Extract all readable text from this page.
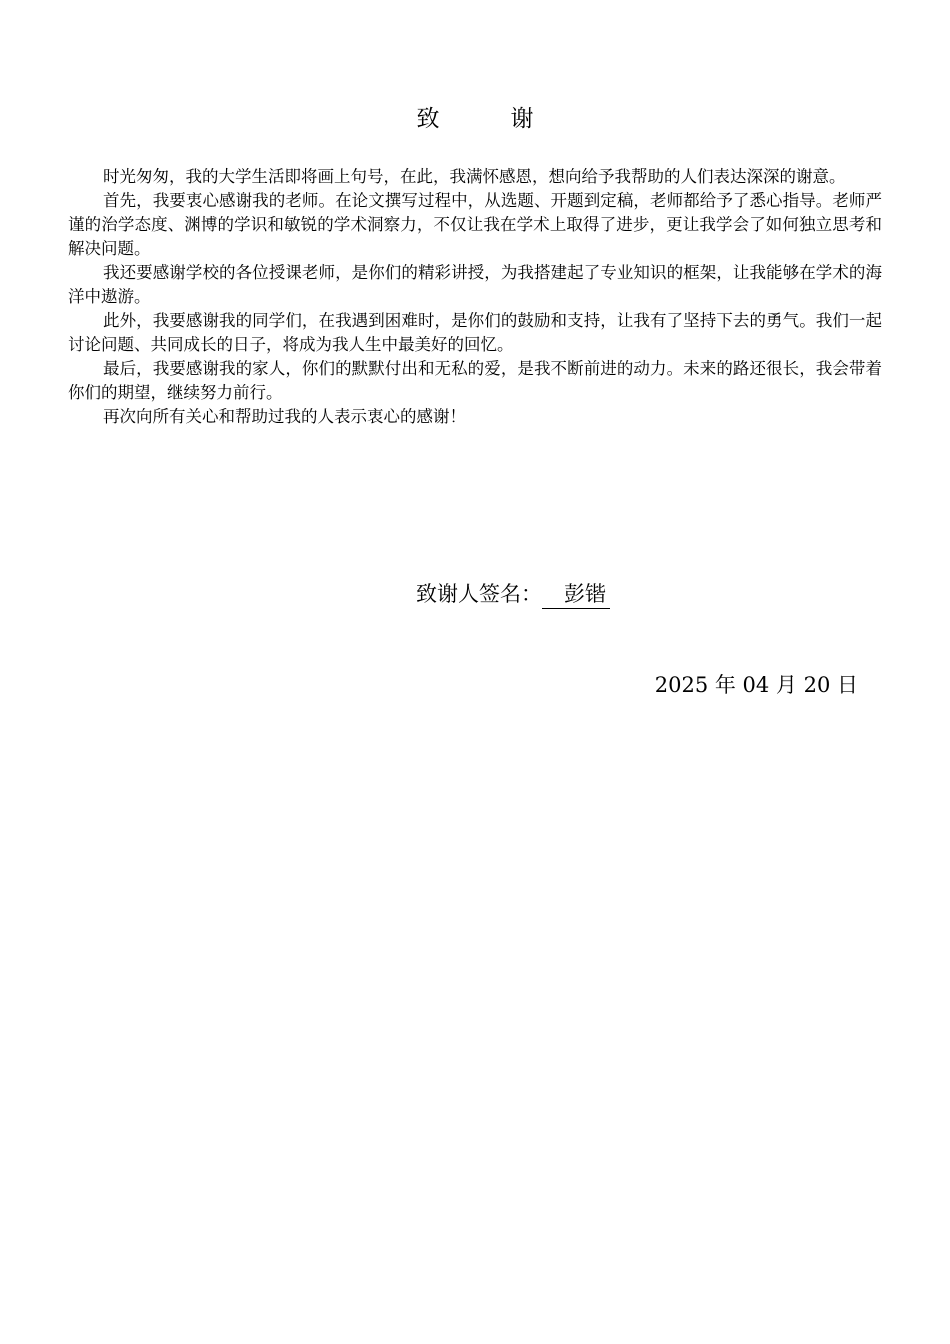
致　谢

时光匆匆，我的大学生活即将画上句号，在此，我满怀感恩，想向给予我帮助的人们表达深深的谢意。

首先，我要衷心感谢我的老师。在论文撰写过程中，从选题、开题到定稿，老师都给予了悉心指导。老师严谨的治学态度、渊博的学识和敏锐的学术洞察力，不仅让我在学术上取得了进步，更让我学会了如何独立思考和解决问题。

我还要感谢学校的各位授课老师，是你们的精彩讲授，为我搭建起了专业知识的框架，让我能够在学术的海洋中遨游。

此外，我要感谢我的同学们，在我遇到困难时，是你们的鼓励和支持，让我有了坚持下去的勇气。我们一起讨论问题、共同成长的日子，将成为我人生中最美好的回忆。

最后，我要感谢我的家人，你们的默默付出和无私的爱，是我不断前进的动力。未来的路还很长，我会带着你们的期望，继续努力前行。

再次向所有关心和帮助过我的人表示衷心的感谢！

致谢人签名： 彭锴
2025 年 04 月 20 日
